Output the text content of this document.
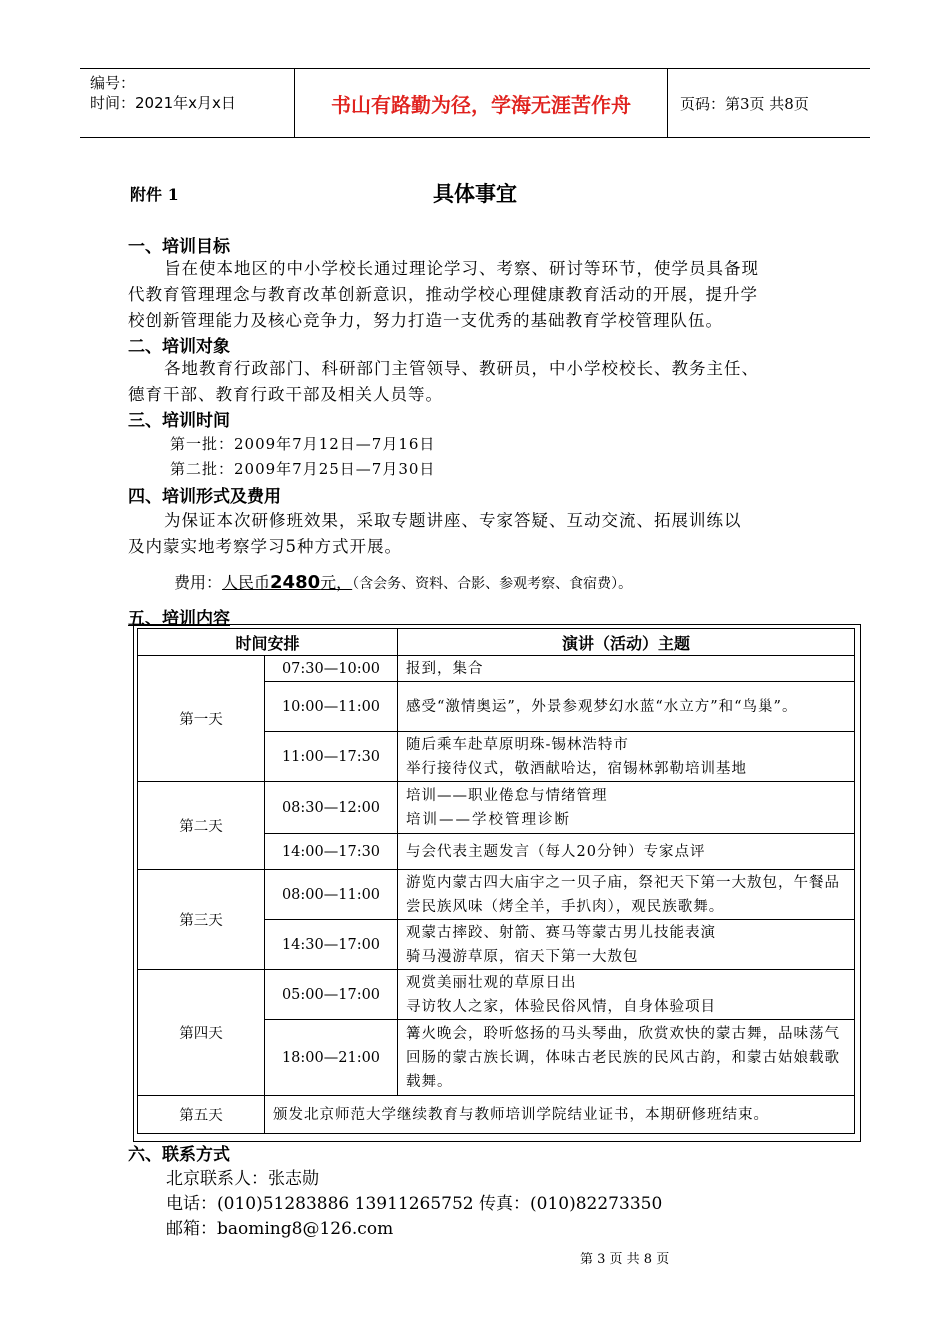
编号：
时间：2021年x月x日	书山有路勤为径，学海无涯苦作舟	页码：第3页 共8页
附件 1	具体事宜
一、培训目标
旨在使本地区的中小学校长通过理论学习、考察、研讨等环节，使学员具备现
代教育管理理念与教育改革创新意识，推动学校心理健康教育活动的开展，提升学
校创新管理能力及核心竞争力，努力打造一支优秀的基础教育学校管理队伍。
二、培训对象
各地教育行政部门、科研部门主管领导、教研员，中小学校校长、教务主任、
德育干部、教育行政干部及相关人员等。
三、培训时间
第一批：2009年7月12日—7月16日
第二批：2009年7月25日—7月30日
四、培训形式及费用
为保证本次研修班效果，采取专题讲座、专家答疑、互动交流、拓展训练以
及内蒙实地考察学习5种方式开展。
费用：人民币2480元，（含会务、资料、合影、参观考察、食宿费）。
五、培训内容
时间安排		演讲（活动）主题
第一天	07:30—10:00	报到，集合
	10:00—11:00	感受“激情奥运”，外景参观梦幻水蓝“水立方”和“鸟巢”。
	11:00—17:30	随后乘车赴草原明珠-锡林浩特市
举行接待仪式，敬酒献哈达，宿锡林郭勒培训基地

第二天	08:30—12:00	培训——职业倦怠与情绪管理
培训——学校管理诊断

	14:00—17:30	与会代表主题发言（每人20分钟）专家点评
第三天	08:00—11:00	游览内蒙古四大庙宇之一贝子庙，祭祀天下第一大敖包，午餐品尝民族风味（烤全羊，手扒肉），观民族歌舞。
	14:30—17:00	观蒙古摔跤、射箭、赛马等蒙古男儿技能表演
骑马漫游草原，宿天下第一大敖包

第四天	05:00—17:00	观赏美丽壮观的草原日出
寻访牧人之家，体验民俗风情，自身体验项目

	18:00—21:00	篝火晚会，聆听悠扬的马头琴曲，欣赏欢快的蒙古舞，品味荡气回肠的蒙古族长调，体味古老民族的民风古韵，和蒙古姑娘载歌载舞。
第五天	颁发北京师范大学继续教育与教师培训学院结业证书，本期研修班结束。	
六、联系方式
北京联系人：张志勋
电话：(010)51283886 13911265752 传真：(010)82273350
邮箱：baoming8@126.com
第 3 页 共 8 页
